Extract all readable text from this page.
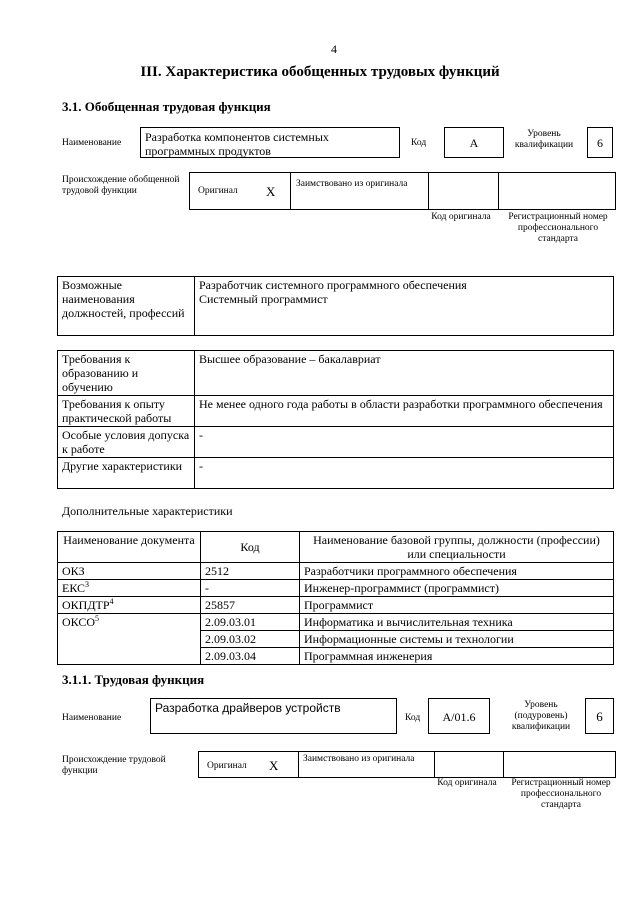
4
III. Характеристика обобщенных трудовых функций
3.1. Обобщенная трудовая функция
Наименование	Разработка компонентов системных программных продуктов
Код	A
Уровень квалификации	6
Происхождение обобщенной трудовой функции	Оригинал X Заимствовано из оригинала
Код оригинала	Регистрационный номер профессионального стандарта
Возможные наименования должностей, профессий	
Разработчик системного программного обеспечения
Системный программист
Требования к образованию и обучению	Высшее образование – бакалавриат
Требования к опыту практической работы	Не менее одного года работы в области разработки программного обеспечения
Особые условия допуска к работе	-
Другие характеристики	-
Дополнительные характеристики
Наименование документа	Код	Наименование базовой группы, должности (профессии) или специальности
ОКЗ	2512	Разработчики программного обеспечения
ЕКС$^3$	-	Инженер-программист (программист)
ОКПДТР$^4$	25857	Программист
ОКСО$^5$	2.09.03.01	Информатика и вычислительная техника
	2.09.03.02	Информационные системы и технологии
	2.09.03.04	Программная инженерия
3.1.1. Трудовая функция
Наименование
Разработка драйверов устройств
Код	A/01.6
Уровень (подуровень) квалификации
6
Происхождение трудовой функции	Оригинал X	Заимствовано из оригинала
Код оригинала	Регистрационный номер профессионального стандарта
